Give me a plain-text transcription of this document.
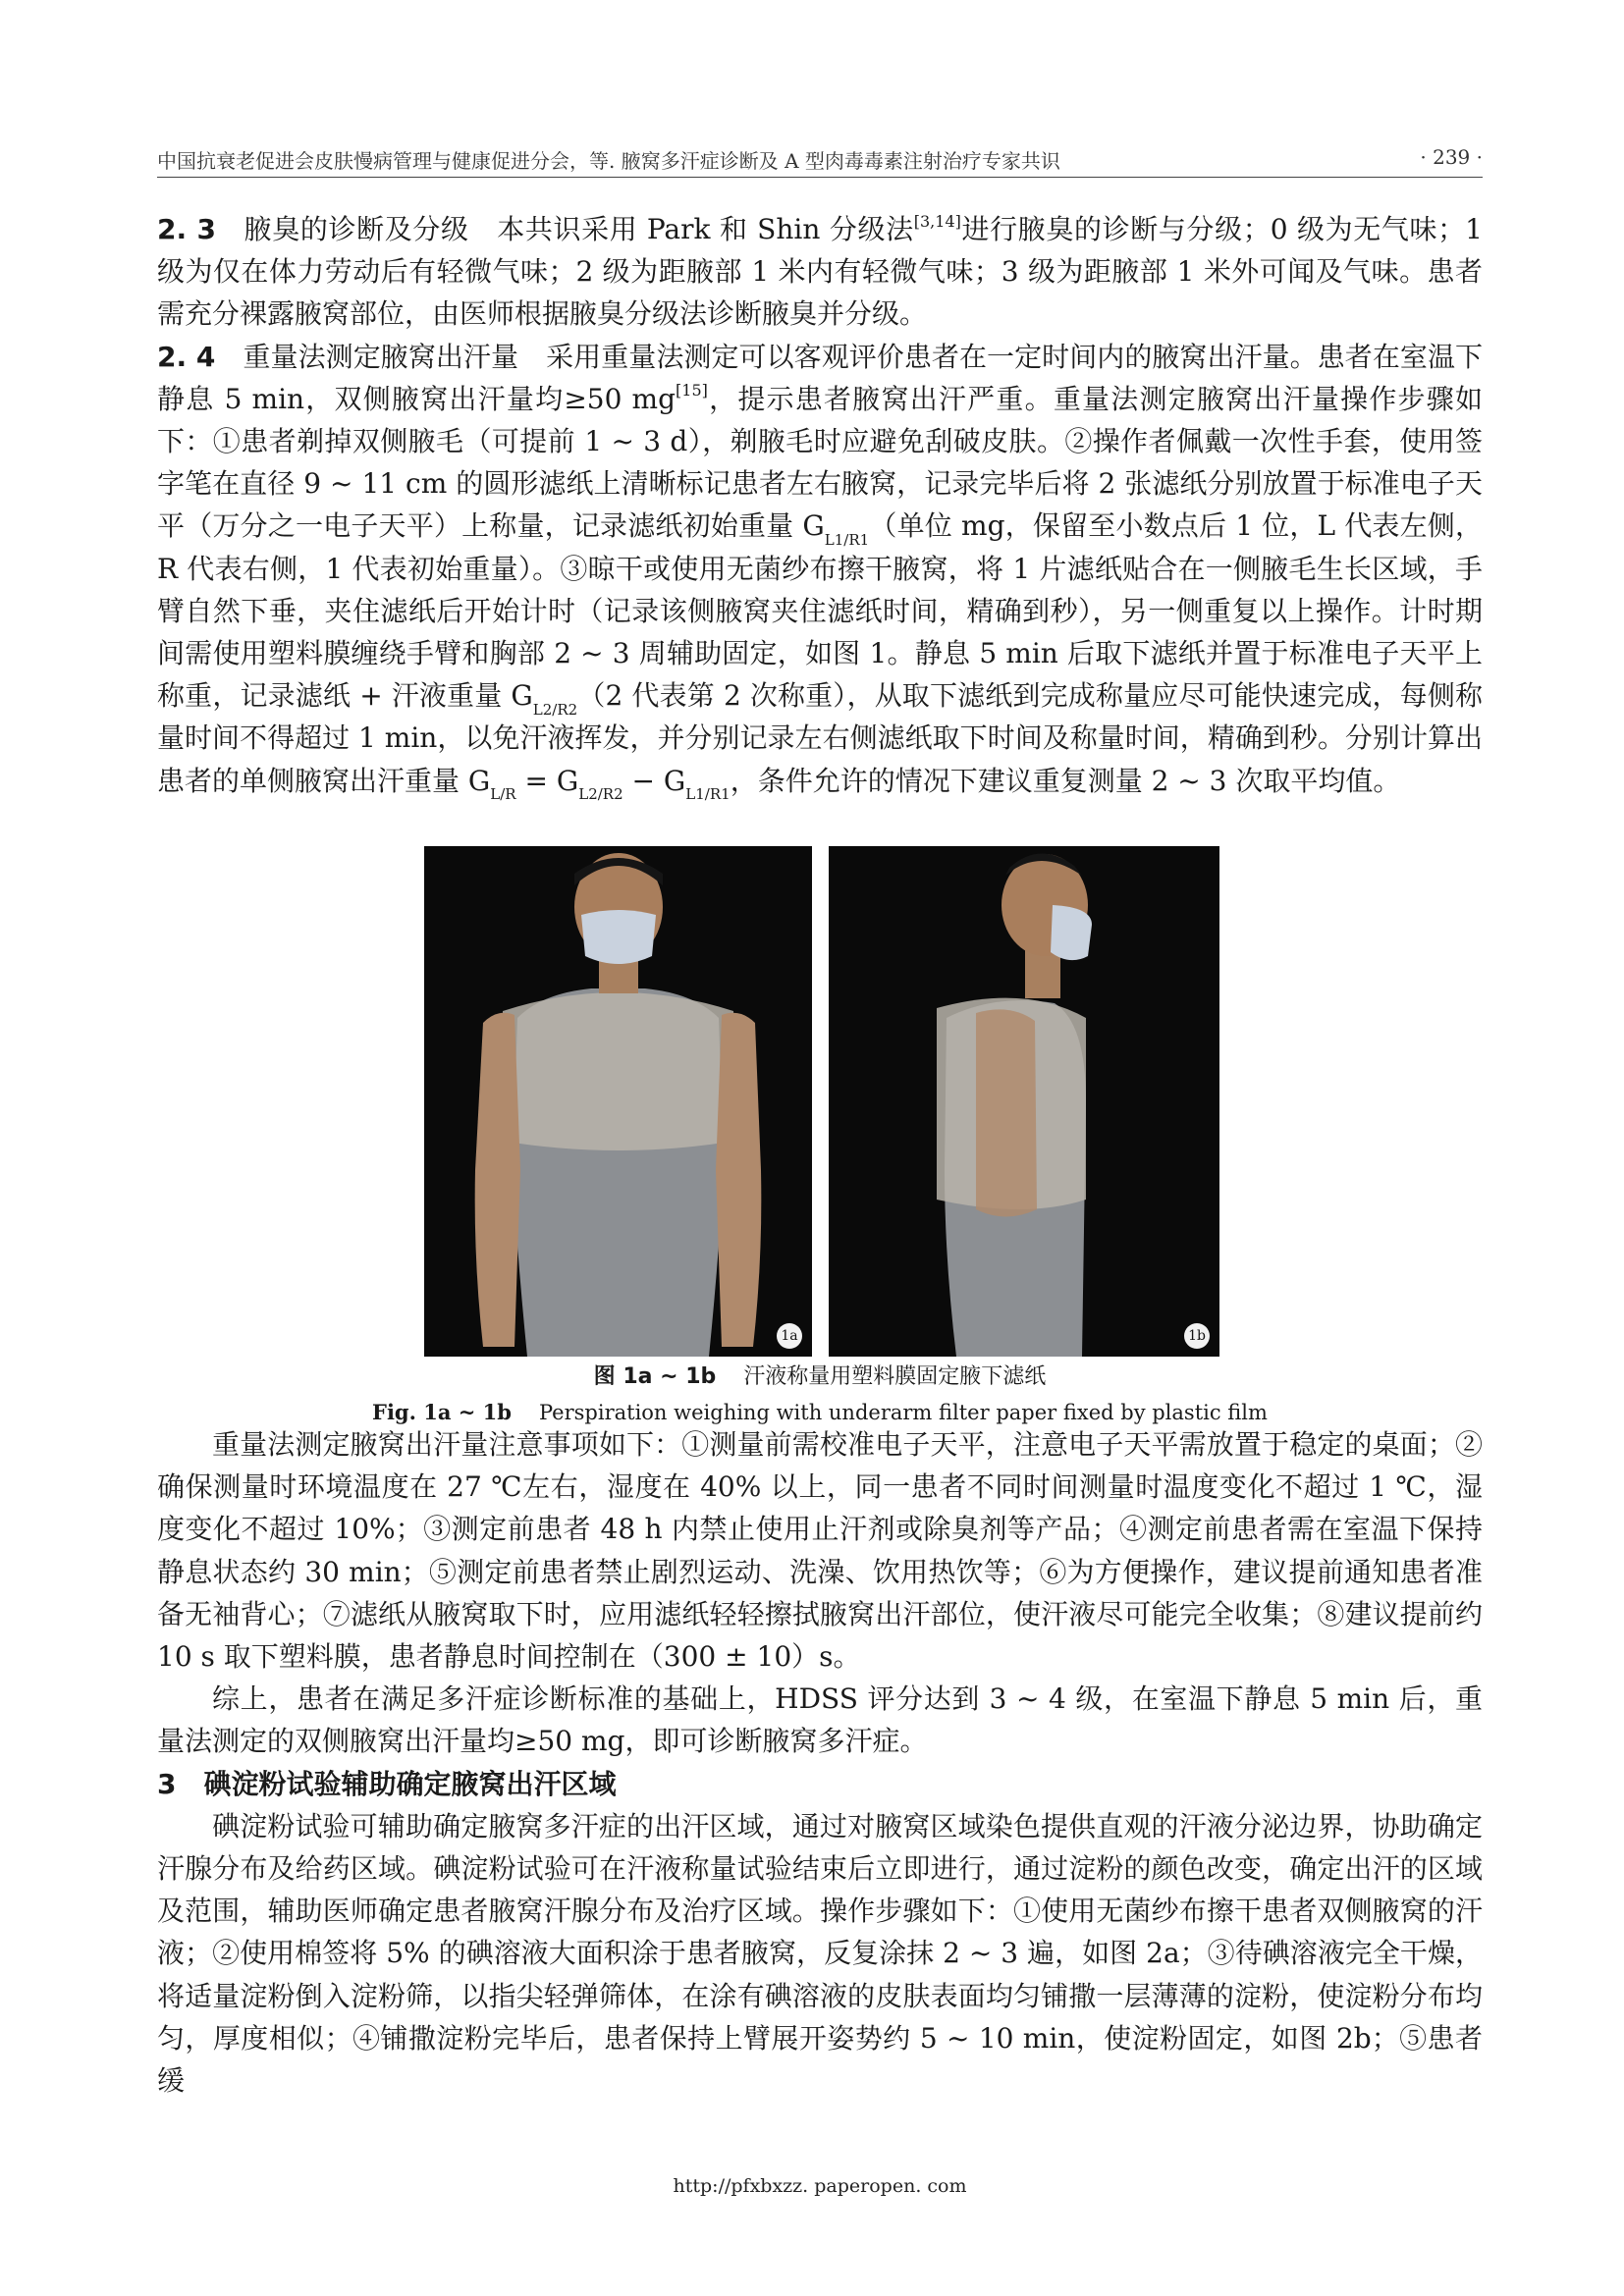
中国抗衰老促进会皮肤慢病管理与健康促进分会，等. 腋窝多汗症诊断及 A 型肉毒毒素注射治疗专家共识	· 239 ·

2. 3 腋臭的诊断及分级 本共识采用 Park 和 Shin 分级法[3,14]进行腋臭的诊断与分级；0 级为无气味；1 级为仅在体力劳动后有轻微气味；2 级为距腋部 1 米内有轻微气味；3 级为距腋部 1 米外可闻及气味。患者需充分裸露腋窝部位，由医师根据腋臭分级法诊断腋臭并分级。

2. 4 重量法测定腋窝出汗量 采用重量法测定可以客观评价患者在一定时间内的腋窝出汗量。患者在室温下静息 5 min，双侧腋窝出汗量均≥50 mg[15]，提示患者腋窝出汗严重。重量法测定腋窝出汗量操作步骤如下：①患者剃掉双侧腋毛（可提前 1 ~ 3 d），剃腋毛时应避免刮破皮肤。②操作者佩戴一次性手套，使用签字笔在直径 9 ~ 11 cm 的圆形滤纸上清晰标记患者左右腋窝，记录完毕后将 2 张滤纸分别放置于标准电子天平（万分之一电子天平）上称量，记录滤纸初始重量 $G_{L1/R1}$（单位 mg，保留至小数点后 1 位，L 代表左侧，R 代表右侧，1 代表初始重量）。③晾干或使用无菌纱布擦干腋窝，将 1 片滤纸贴合在一侧腋毛生长区域，手臂自然下垂，夹住滤纸后开始计时（记录该侧腋窝夹住滤纸时间，精确到秒），另一侧重复以上操作。计时期间需使用塑料膜缠绕手臂和胸部 2 ~ 3 周辅助固定，如图 1。静息 5 min 后取下滤纸并置于标准电子天平上称重，记录滤纸 + 汗液重量 $G_{L2/R2}(2$ 代表第 2 次称重），从取下滤纸到完成称量应尽可能快速完成，每侧称量时间不得超过 1 min，以免汗液挥发，并分别记录左右侧滤纸取下时间及称量时间，精确到秒。分别计算出患者的单侧腋窝出汗重量 $G_{L/R} = G_{L2/R2} - G_{L1/R1}$，条件允许的情况下建议重复测量 2 ~ 3 次取平均值。

1a	1b
图 1a ~ 1b 汗液称量用塑料膜固定腋下滤纸
Fig. 1a ~ 1b Perspiration weighing with underarm filter paper fixed by plastic film

重量法测定腋窝出汗量注意事项如下：①测量前需校准电子天平，注意电子天平需放置于稳定的桌面；②确保测量时环境温度在 27 ℃左右，湿度在 40% 以上，同一患者不同时间测量时温度变化不超过 1 ℃，湿度变化不超过 10%；③测定前患者 48 h 内禁止使用止汗剂或除臭剂等产品；④测定前患者需在室温下保持静息状态约 30 min；⑤测定前患者禁止剧烈运动、洗澡、饮用热饮等；⑥为方便操作，建议提前通知患者准备无袖背心；⑦滤纸从腋窝取下时，应用滤纸轻轻擦拭腋窝出汗部位，使汗液尽可能完全收集；⑧建议提前约 10 s 取下塑料膜，患者静息时间控制在（300 ± 10）s。

综上，患者在满足多汗症诊断标准的基础上，HDSS 评分达到 3 ~ 4 级，在室温下静息 5 min 后，重量法测定的双侧腋窝出汗量均≥50 mg，即可诊断腋窝多汗症。

3　碘淀粉试验辅助确定腋窝出汗区域

碘淀粉试验可辅助确定腋窝多汗症的出汗区域，通过对腋窝区域染色提供直观的汗液分泌边界，协助确定汗腺分布及给药区域。碘淀粉试验可在汗液称量试验结束后立即进行，通过淀粉的颜色改变，确定出汗的区域及范围，辅助医师确定患者腋窝汗腺分布及治疗区域。操作步骤如下：①使用无菌纱布擦干患者双侧腋窝的汗液；②使用棉签将 5% 的碘溶液大面积涂于患者腋窝，反复涂抹 2 ~ 3 遍，如图 2a；③待碘溶液完全干燥，将适量淀粉倒入淀粉筛，以指尖轻弹筛体，在涂有碘溶液的皮肤表面均匀铺撒一层薄薄的淀粉，使淀粉分布均匀，厚度相似；④铺撒淀粉完毕后，患者保持上臂展开姿势约 5 ~ 10 min，使淀粉固定，如图 2b；⑤患者缓

http://pfxbxzz. paperopen. com
